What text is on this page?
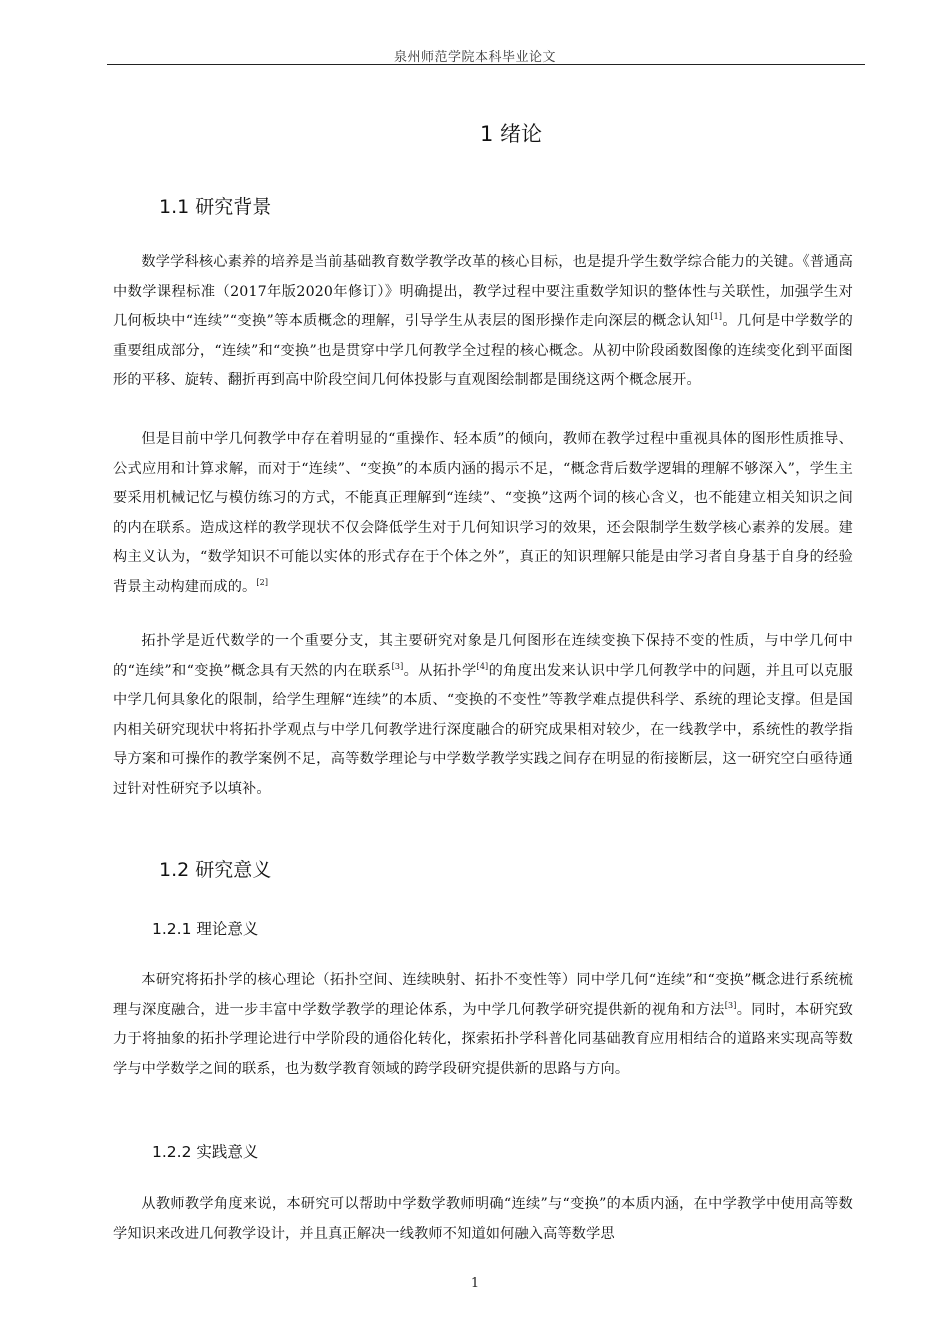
泉州师范学院本科毕业论文
1 绪论
1.1 研究背景

数学学科核心素养的培养是当前基础教育数学教学改革的核心目标，也是提升学生数学综合能力的关键。《普通高中数学课程标准（2017年版2020年修订）》明确提出，教学过程中要注重数学知识的整体性与关联性，加强学生对几何板块中“连续”“变换”等本质概念的理解，引导学生从表层的图形操作走向深层的概念认知[1]。几何是中学数学的重要组成部分，“连续”和“变换”也是贯穿中学几何教学全过程的核心概念。从初中阶段函数图像的连续变化到平面图形的平移、旋转、翻折再到高中阶段空间几何体投影与直观图绘制都是围绕这两个概念展开。

但是目前中学几何教学中存在着明显的“重操作、轻本质”的倾向，教师在教学过程中重视具体的图形性质推导、公式应用和计算求解，而对于“连续”、“变换”的本质内涵的揭示不足，“概念背后数学逻辑的理解不够深入”，学生主要采用机械记忆与模仿练习的方式，不能真正理解到“连续”、“变换”这两个词的核心含义，也不能建立相关知识之间的内在联系。造成这样的教学现状不仅会降低学生对于几何知识学习的效果，还会限制学生数学核心素养的发展。建构主义认为，“数学知识不可能以实体的形式存在于个体之外”，真正的知识理解只能是由学习者自身基于自身的经验背景主动构建而成的。[2]

拓扑学是近代数学的一个重要分支，其主要研究对象是几何图形在连续变换下保持不变的性质，与中学几何中的“连续”和“变换”概念具有天然的内在联系[3]。从拓扑学[4]的角度出发来认识中学几何教学中的问题，并且可以克服中学几何具象化的限制，给学生理解“连续”的本质、“变换的不变性”等教学难点提供科学、系统的理论支撑。但是国内相关研究现状中将拓扑学观点与中学几何教学进行深度融合的研究成果相对较少，在一线教学中，系统性的教学指导方案和可操作的教学案例不足，高等数学理论与中学数学教学实践之间存在明显的衔接断层，这一研究空白亟待通过针对性研究予以填补。

1.2 研究意义
1.2.1 理论意义

本研究将拓扑学的核心理论（拓扑空间、连续映射、拓扑不变性等）同中学几何“连续”和“变换”概念进行系统梳理与深度融合，进一步丰富中学数学教学的理论体系，为中学几何教学研究提供新的视角和方法[3]。同时，本研究致力于将抽象的拓扑学理论进行中学阶段的通俗化转化，探索拓扑学科普化同基础教育应用相结合的道路来实现高等数学与中学数学之间的联系，也为数学教育领域的跨学段研究提供新的思路与方向。

1.2.2 实践意义

从教师教学角度来说，本研究可以帮助中学数学教师明确“连续”与“变换”的本质内涵，在中学教学中使用高等数学知识来改进几何教学设计，并且真正解决一线教师不知道如何融入高等数学思

1
